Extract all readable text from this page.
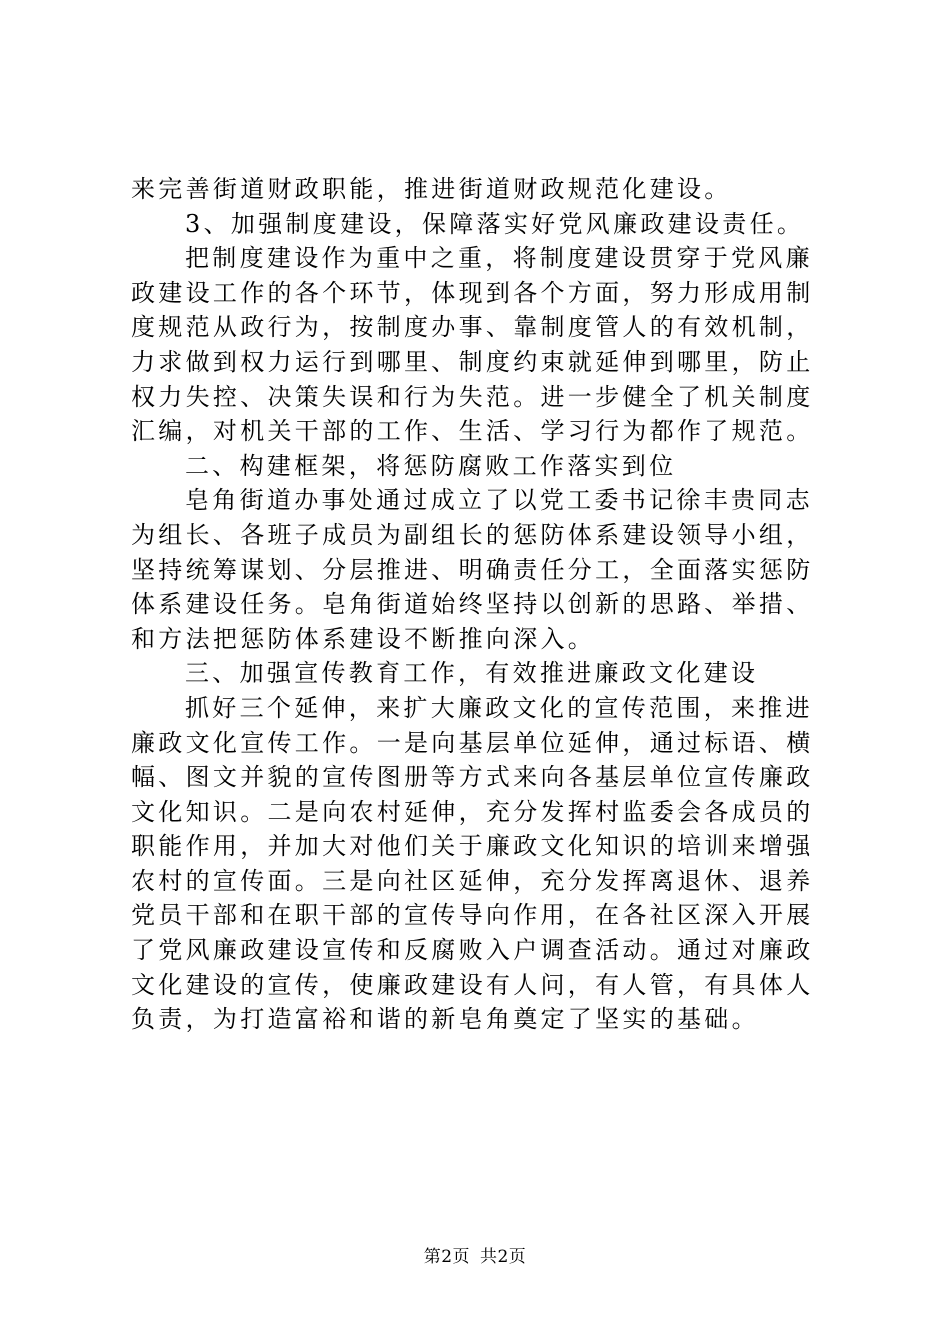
来完善街道财政职能，推进街道财政规范化建设。

3、加强制度建设，保障落实好党风廉政建设责任。

把制度建设作为重中之重，将制度建设贯穿于党风廉政建设工作的各个环节，体现到各个方面，努力形成用制度规范从政行为，按制度办事、靠制度管人的有效机制，力求做到权力运行到哪里、制度约束就延伸到哪里，防止权力失控、决策失误和行为失范。进一步健全了机关制度汇编，对机关干部的工作、生活、学习行为都作了规范。

二、构建框架，将惩防腐败工作落实到位

皂角街道办事处通过成立了以党工委书记徐丰贵同志为组长、各班子成员为副组长的惩防体系建设领导小组，坚持统筹谋划、分层推进、明确责任分工，全面落实惩防体系建设任务。皂角街道始终坚持以创新的思路、举措、和方法把惩防体系建设不断推向深入。

三、加强宣传教育工作，有效推进廉政文化建设

抓好三个延伸，来扩大廉政文化的宣传范围，来推进廉政文化宣传工作。一是向基层单位延伸，通过标语、横幅、图文并貌的宣传图册等方式来向各基层单位宣传廉政文化知识。二是向农村延伸，充分发挥村监委会各成员的职能作用，并加大对他们关于廉政文化知识的培训来增强农村的宣传面。三是向社区延伸，充分发挥离退休、退养党员干部和在职干部的宣传导向作用，在各社区深入开展了党风廉政建设宣传和反腐败入户调查活动。通过对廉政文化建设的宣传，使廉政建设有人问，有人管，有具体人负责，为打造富裕和谐的新皂角奠定了坚实的基础。

第2页 共2页
